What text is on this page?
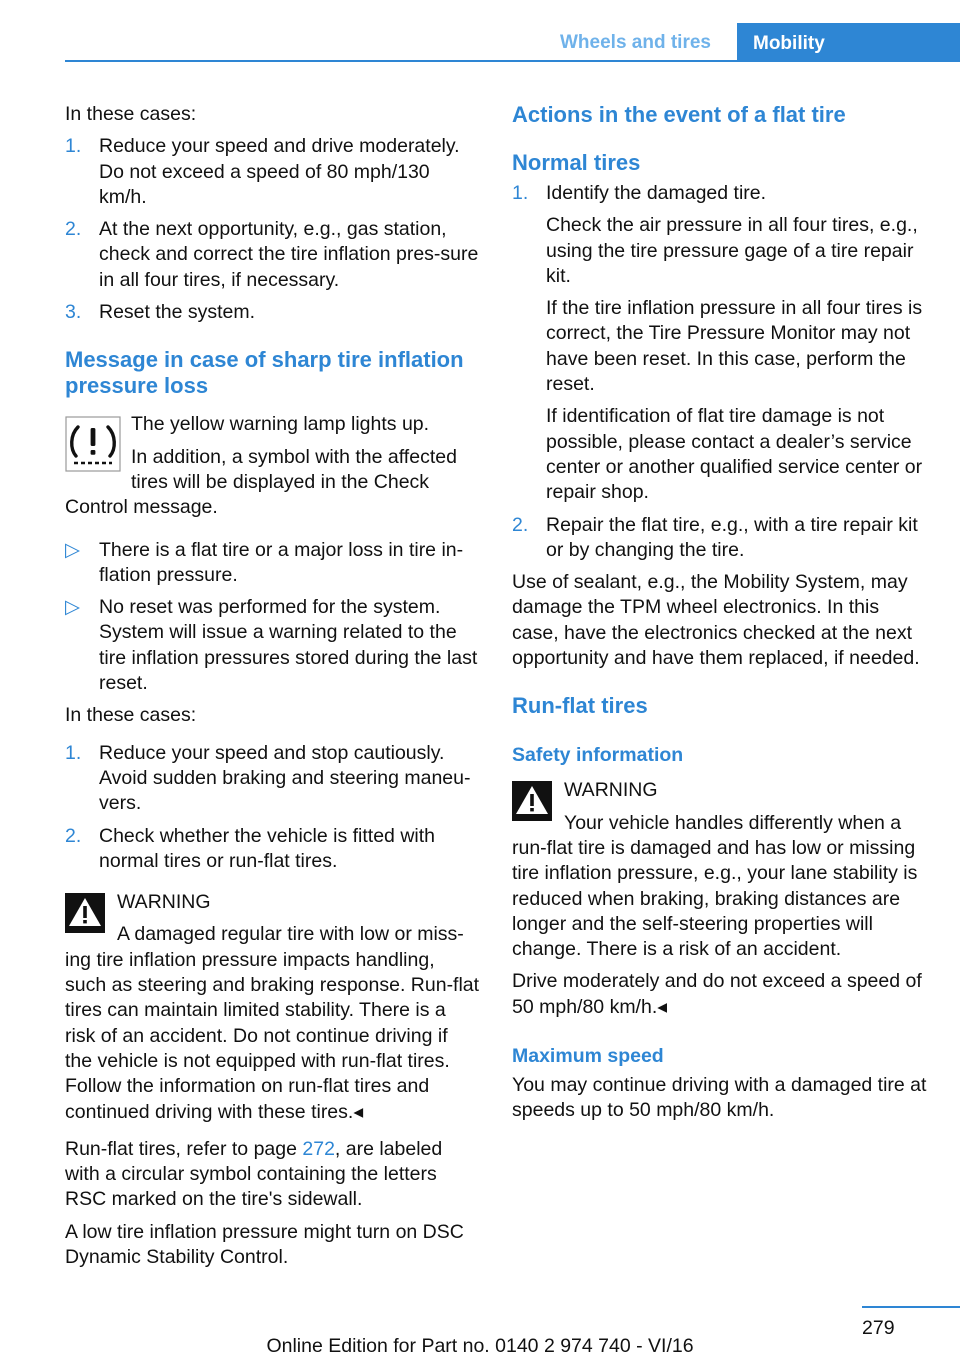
Wheels and tires	Mobility

In these cases:

1. Reduce your speed and drive moderately. Do not exceed a speed of 80 mph/130 km/h.
2. At the next opportunity, e.g., gas station, check and correct the tire inflation pres-sure in all four tires, if necessary.
3. Reset the system.
Message in case of sharp tire inflation pressure loss

The yellow warning lamp lights up.

In addition, a symbol with the affected tires will be displayed in the Check Control message.

▷ There is a flat tire or a major loss in tire in-flation pressure.
▷ No reset was performed for the system. System will issue a warning related to the tire inflation pressures stored during the last reset.

In these cases:

1. Reduce your speed and stop cautiously. Avoid sudden braking and steering maneu-vers.
2. Check whether the vehicle is fitted with normal tires or run-flat tires.

WARNING

A damaged regular tire with low or miss-ing tire inflation pressure impacts handling, such as steering and braking response. Run-flat tires can maintain limited stability. There is a risk of an accident. Do not continue driving if the vehicle is not equipped with run-flat tires. Follow the information on run-flat tires and continued driving with these tires.◂

Run-flat tires, refer to page 272, are labeled with a circular symbol containing the letters RSC marked on the tire's sidewall.

A low tire inflation pressure might turn on DSC Dynamic Stability Control.

Actions in the event of a flat tire
Normal tires
1. Identify the damaged tire.
Check the air pressure in all four tires, e.g., using the tire pressure gage of a tire repair kit.
If the tire inflation pressure in all four tires is correct, the Tire Pressure Monitor may not have been reset. In this case, perform the reset.
If identification of flat tire damage is not possible, please contact a dealer’s service center or another qualified service center or repair shop.
2. Repair the flat tire, e.g., with a tire repair kit or by changing the tire.

Use of sealant, e.g., the Mobility System, may damage the TPM wheel electronics. In this case, have the electronics checked at the next opportunity and have them replaced, if needed.

Run-flat tires
Safety information

WARNING

Your vehicle handles differently when a run-flat tire is damaged and has low or missing tire inflation pressure, e.g., your lane stability is reduced when braking, braking distances are longer and the self-steering properties will change. There is a risk of an accident.

Drive moderately and do not exceed a speed of 50 mph/80 km/h.◂

Maximum speed

You may continue driving with a damaged tire at speeds up to 50 mph/80 km/h.

279
Online Edition for Part no. 0140 2 974 740 - VI/16
